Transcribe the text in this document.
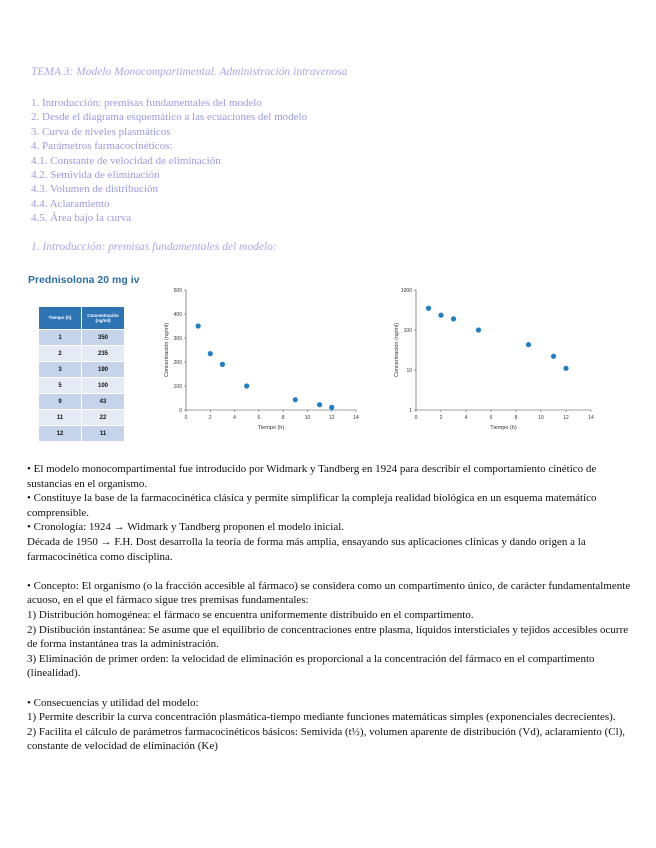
TEMA 3: Modelo Monocompartimental. Administración intravenosa
1. Introducción: premisas fundamentales del modelo
2. Desde el diagrama esquemático a las ecuaciones del modelo
3. Curva de niveles plasmáticos
4. Parámetros farmacocinéticos:
4.1. Constante de velocidad de eliminación
4.2. Semivida de eliminación
4.3. Volumen de distribución
4.4. Aclaramiento
4.5. Área bajo la curva
1. Introducción: premisas fundamentales del modelo:
Prednisolona 20 mg iv
Tiempo (h)	Concentración (ng/ml)
1	350
2	235
3	190
5	100
9	43
11	22
12	11
0	2	4	6	8	10	12	14
0
100
200
300
400
500
Tiempo (h)
Concentración (ng/ml)
0	2	4	6	8	10	12	14
1
10
100
1000
Tiempo (h)
Concentración (ng/ml)

• El modelo monocompartimental fue introducido por Widmark y Tandberg en 1924 para describir el comportamiento cinético de sustancias en el organismo.

• Constituye la base de la farmacocinética clásica y permite simplificar la compleja realidad biológica en un esquema matemático comprensible.

• Cronología: 1924 → Widmark y Tandberg proponen el modelo inicial.

Década de 1950 → F.H. Dost desarrolla la teoría de forma más amplia, ensayando sus aplicaciones clínicas y dando origen a la farmacocinética como disciplina.

• Concepto: El organismo (o la fracción accesible al fármaco) se considera como un compartimento único, de carácter fundamentalmente acuoso, en el que el fármaco sigue tres premisas fundamentales:

1) Distribución homogénea: el fármaco se encuentra uniformemente distribuido en el compartimento.

2) Distibución instantánea: Se asume que el equilibrio de concentraciones entre plasma, líquidos intersticiales y tejidos accesibles ocurre de forma instantánea tras la administración.

3) Eliminación de primer orden: la velocidad de eliminación es proporcional a la concentración del fármaco en el compartimento (linealidad).

• Consecuencias y utilidad del modelo:

1) Permite describir la curva concentración plasmática-tiempo mediante funciones matemáticas simples (exponenciales decrecientes).

2) Facilita el cálculo de parámetros farmacocinéticos básicos: Semivida (t½), volumen aparente de distribución (Vd), aclaramiento (Cl), constante de velocidad de eliminación (Ke)
